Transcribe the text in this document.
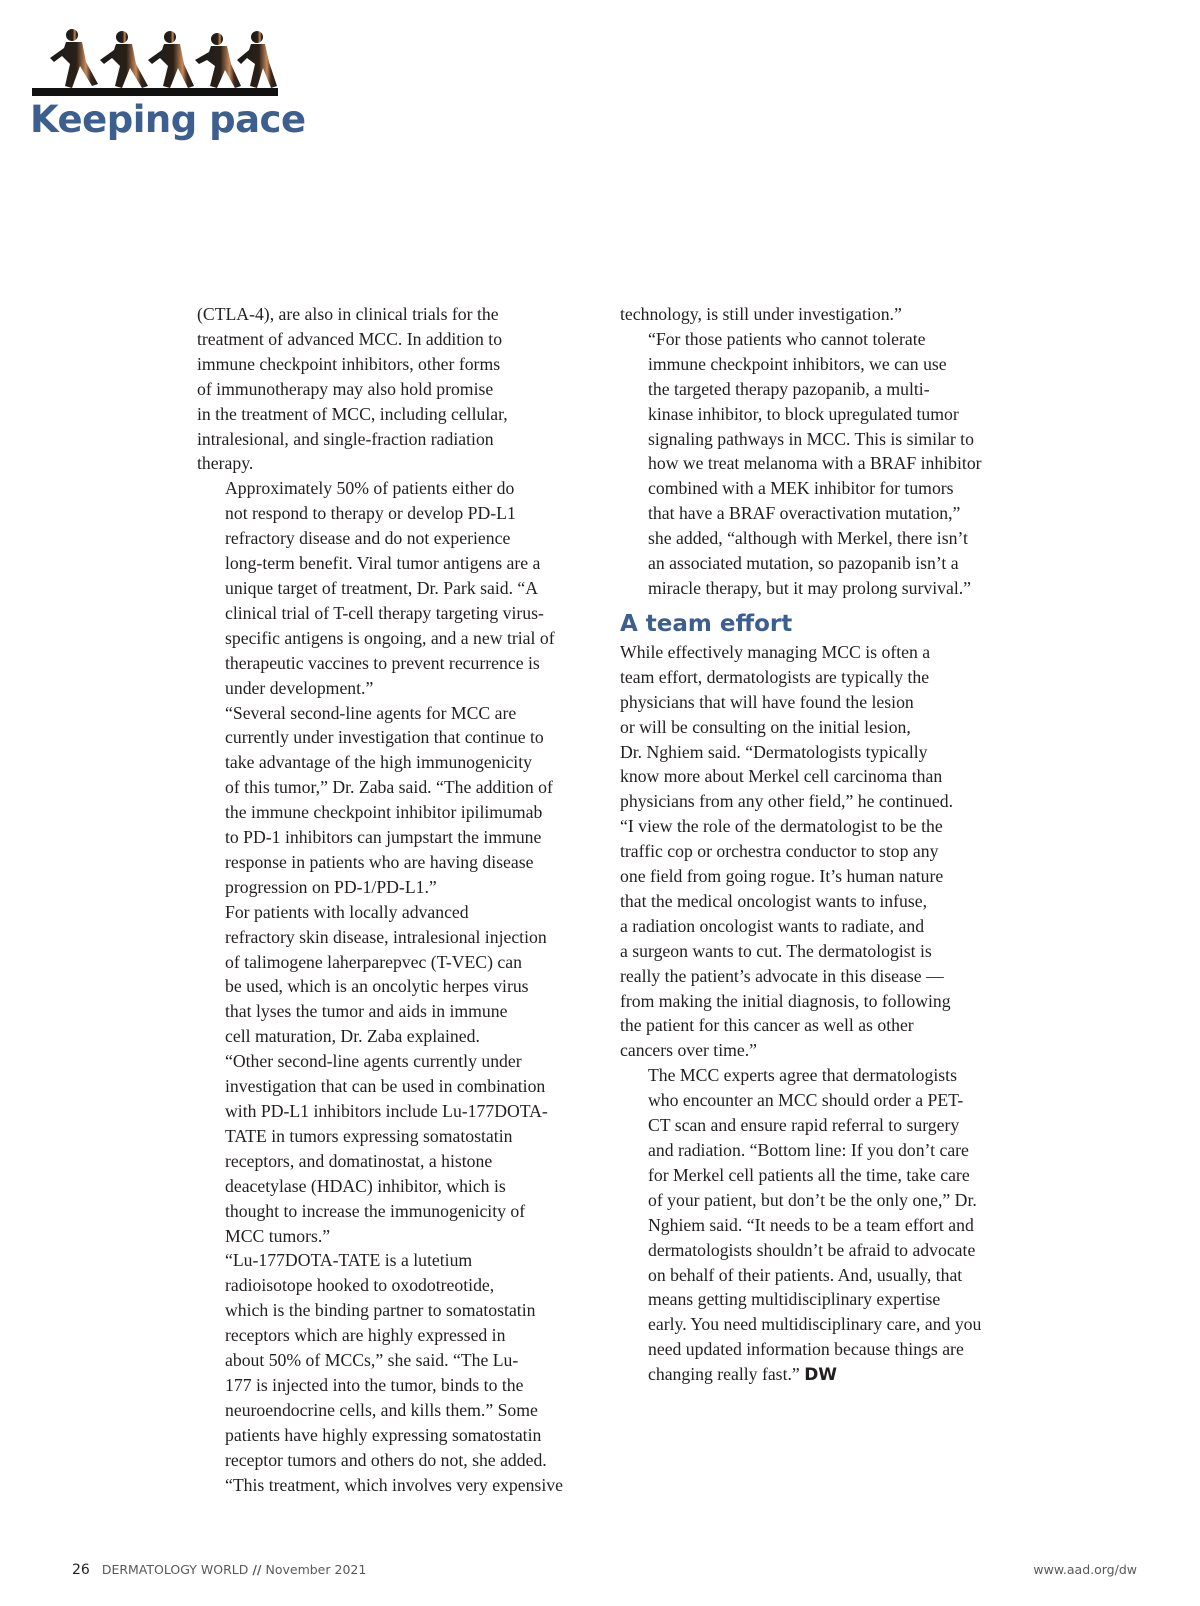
Keeping pace

(CTLA-4), are also in clinical trials for the
treatment of advanced MCC. In addition to
immune checkpoint inhibitors, other forms
of immunotherapy may also hold promise
in the treatment of MCC, including cellular,
intralesional, and single-fraction radiation
therapy.

Approximately 50% of patients either do
not respond to therapy or develop PD-L1
refractory disease and do not experience
long-term benefit. Viral tumor antigens are a
unique target of treatment, Dr. Park said. “A
clinical trial of T-cell therapy targeting virus-
specific antigens is ongoing, and a new trial of
therapeutic vaccines to prevent recurrence is
under development.”

“Several second-line agents for MCC are
currently under investigation that continue to
take advantage of the high immunogenicity
of this tumor,” Dr. Zaba said. “The addition of
the immune checkpoint inhibitor ipilimumab
to PD-1 inhibitors can jumpstart the immune
response in patients who are having disease
progression on PD-1/PD-L1.”

For patients with locally advanced
refractory skin disease, intralesional injection
of talimogene laherparepvec (T-VEC) can
be used, which is an oncolytic herpes virus
that lyses the tumor and aids in immune
cell maturation, Dr. Zaba explained.
“Other second-line agents currently under
investigation that can be used in combination
with PD-L1 inhibitors include Lu-177DOTA-
TATE in tumors expressing somatostatin
receptors, and domatinostat, a histone
deacetylase (HDAC) inhibitor, which is
thought to increase the immunogenicity of
MCC tumors.”

“Lu-177DOTA-TATE is a lutetium
radioisotope hooked to oxodotreotide,
which is the binding partner to somatostatin
receptors which are highly expressed in
about 50% of MCCs,” she said. “The Lu-
177 is injected into the tumor, binds to the
neuroendocrine cells, and kills them.” Some
patients have highly expressing somatostatin
receptor tumors and others do not, she added.
“This treatment, which involves very expensive

technology, is still under investigation.”

“For those patients who cannot tolerate
immune checkpoint inhibitors, we can use
the targeted therapy pazopanib, a multi-
kinase inhibitor, to block upregulated tumor
signaling pathways in MCC. This is similar to
how we treat melanoma with a BRAF inhibitor
combined with a MEK inhibitor for tumors
that have a BRAF overactivation mutation,”
she added, “although with Merkel, there isn’t
an associated mutation, so pazopanib isn’t a
miracle therapy, but it may prolong survival.”

A team effort

While effectively managing MCC is often a
team effort, dermatologists are typically the
physicians that will have found the lesion
or will be consulting on the initial lesion,
Dr. Nghiem said. “Dermatologists typically
know more about Merkel cell carcinoma than
physicians from any other field,” he continued.
“I view the role of the dermatologist to be the
traffic cop or orchestra conductor to stop any
one field from going rogue. It’s human nature
that the medical oncologist wants to infuse,
a radiation oncologist wants to radiate, and
a surgeon wants to cut. The dermatologist is
really the patient’s advocate in this disease —
from making the initial diagnosis, to following
the patient for this cancer as well as other
cancers over time.”

The MCC experts agree that dermatologists
who encounter an MCC should order a PET-
CT scan and ensure rapid referral to surgery
and radiation. “Bottom line: If you don’t care
for Merkel cell patients all the time, take care
of your patient, but don’t be the only one,” Dr.
Nghiem said. “It needs to be a team effort and
dermatologists shouldn’t be afraid to advocate
on behalf of their patients. And, usually, that
means getting multidisciplinary expertise
early. You need multidisciplinary care, and you
need updated information because things are
changing really fast.” DW

26 DERMATOLOGY WORLD // November 2021	www.aad.org/dw
